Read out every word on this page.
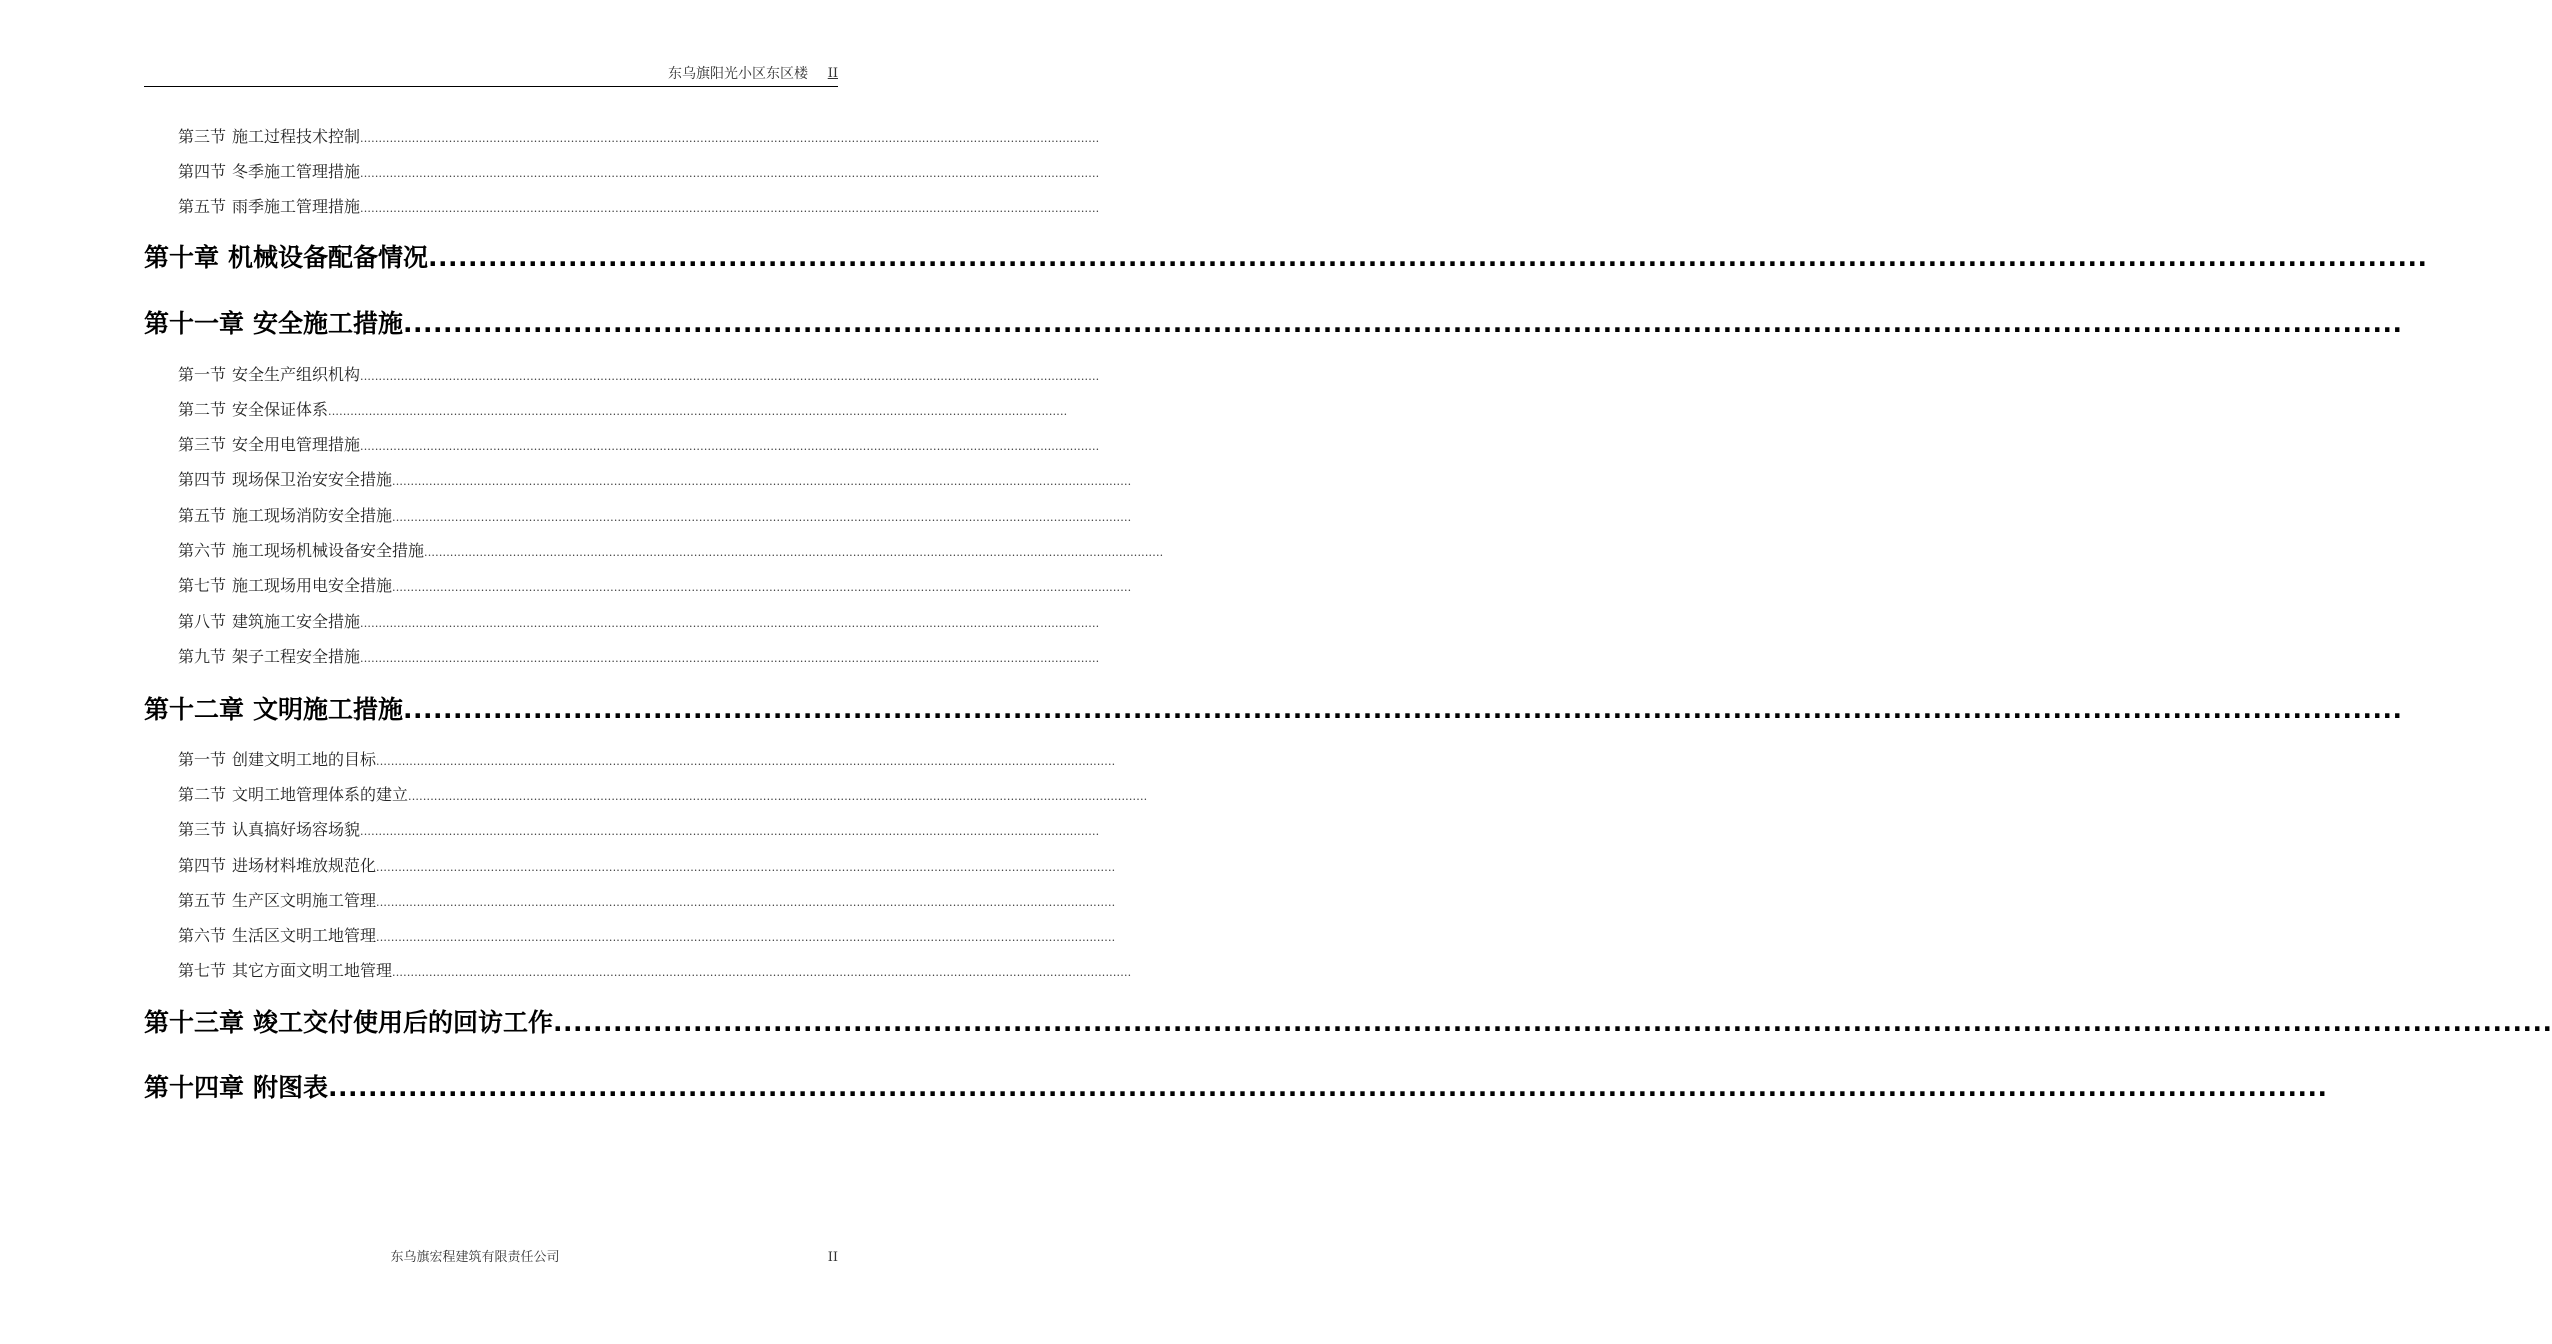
东乌旗阳光小区东区楼 II
第三节 施工过程技术控制 ........................................................................................................................................................................................................
第四节 冬季施工管理措施 ........................................................................................................................................................................................................
第五节 雨季施工管理措施 ........................................................................................................................................................................................................
第十章 机械设备配备情况 ........................................................................................................................................................................................................
第十一章 安全施工措施 ........................................................................................................................................................................................................
第一节 安全生产组织机构 ........................................................................................................................................................................................................
第二节 安全保证体系 ........................................................................................................................................................................................................
第三节 安全用电管理措施 ........................................................................................................................................................................................................
第四节 现场保卫治安安全措施 ........................................................................................................................................................................................................
第五节 施工现场消防安全措施 ........................................................................................................................................................................................................
第六节 施工现场机械设备安全措施 ........................................................................................................................................................................................................
第七节 施工现场用电安全措施 ........................................................................................................................................................................................................
第八节 建筑施工安全措施 ........................................................................................................................................................................................................
第九节 架子工程安全措施 ........................................................................................................................................................................................................
第十二章 文明施工措施 ........................................................................................................................................................................................................
第一节 创建文明工地的目标 ........................................................................................................................................................................................................
第二节 文明工地管理体系的建立 ........................................................................................................................................................................................................
第三节 认真搞好场容场貌 ........................................................................................................................................................................................................
第四节 进场材料堆放规范化 ........................................................................................................................................................................................................
第五节 生产区文明施工管理 ........................................................................................................................................................................................................
第六节 生活区文明工地管理 ........................................................................................................................................................................................................
第七节 其它方面文明工地管理 ........................................................................................................................................................................................................
第十三章 竣工交付使用后的回访工作 ........................................................................................................................................................................................................
第十四章 附图表 ........................................................................................................................................................................................................
东乌旗宏程建筑有限责任公司	II
